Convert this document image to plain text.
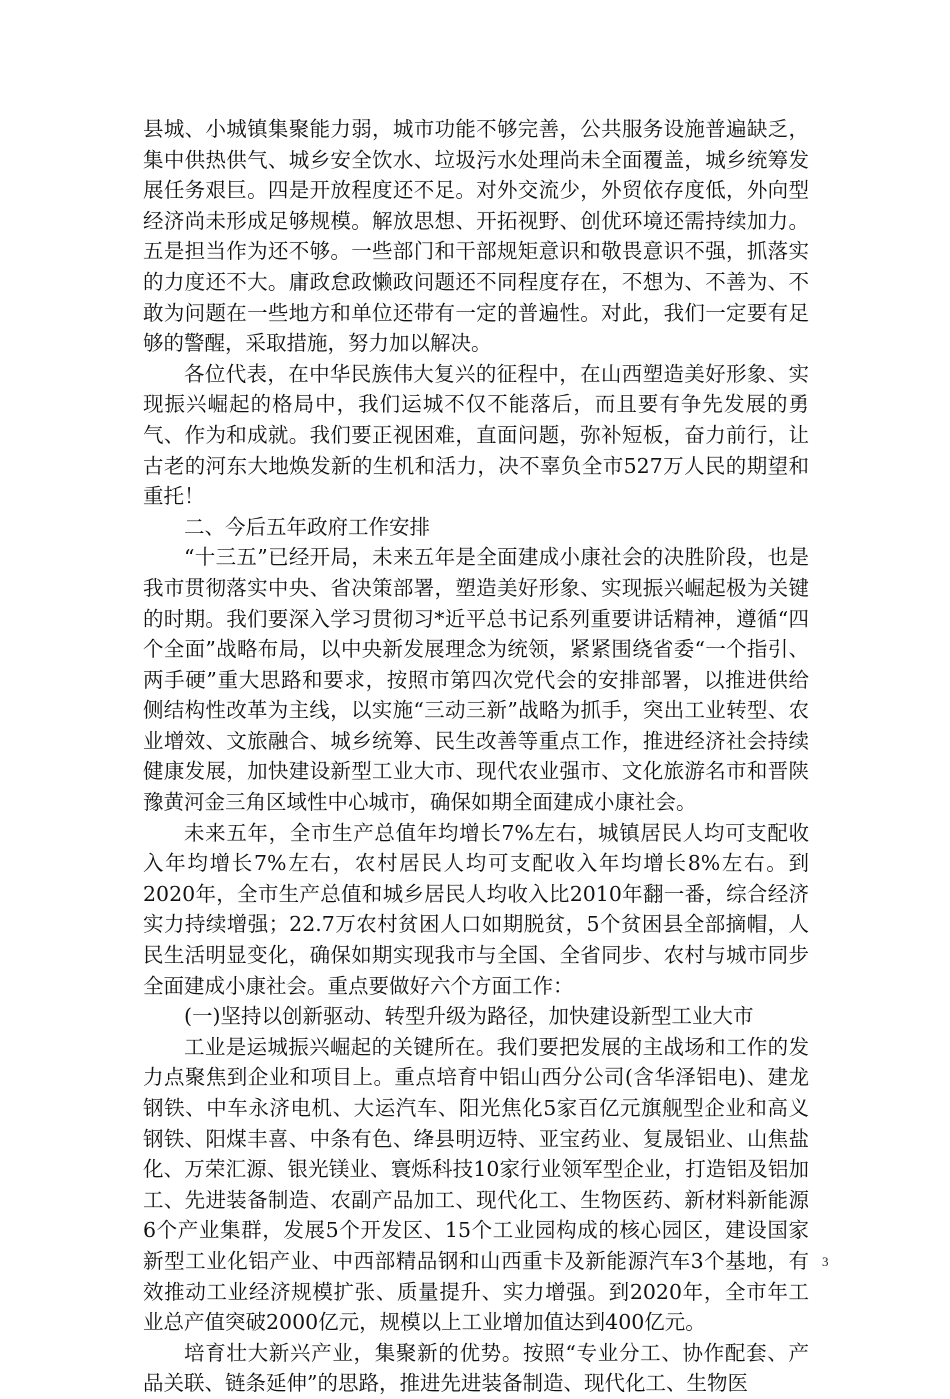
县城、小城镇集聚能力弱，城市功能不够完善，公共服务设施普遍缺乏，集中供热供气、城乡安全饮水、垃圾污水处理尚未全面覆盖，城乡统筹发展任务艰巨。四是开放程度还不足。对外交流少，外贸依存度低，外向型经济尚未形成足够规模。解放思想、开拓视野、创优环境还需持续加力。五是担当作为还不够。一些部门和干部规矩意识和敬畏意识不强，抓落实的力度还不大。庸政怠政懒政问题还不同程度存在，不想为、不善为、不敢为问题在一些地方和单位还带有一定的普遍性。对此，我们一定要有足够的警醒，采取措施，努力加以解决。

各位代表，在中华民族伟大复兴的征程中，在山西塑造美好形象、实现振兴崛起的格局中，我们运城不仅不能落后，而且要有争先发展的勇气、作为和成就。我们要正视困难，直面问题，弥补短板，奋力前行，让古老的河东大地焕发新的生机和活力，决不辜负全市527万人民的期望和重托！

二、今后五年政府工作安排

“十三五”已经开局，未来五年是全面建成小康社会的决胜阶段，也是我市贯彻落实中央、省决策部署，塑造美好形象、实现振兴崛起极为关键的时期。我们要深入学习贯彻习*近平总书记系列重要讲话精神，遵循“四个全面”战略布局，以中央新发展理念为统领，紧紧围绕省委“一个指引、两手硬”重大思路和要求，按照市第四次党代会的安排部署，以推进供给侧结构性改革为主线，以实施“三动三新”战略为抓手，突出工业转型、农业增效、文旅融合、城乡统筹、民生改善等重点工作，推进经济社会持续健康发展，加快建设新型工业大市、现代农业强市、文化旅游名市和晋陕豫黄河金三角区域性中心城市，确保如期全面建成小康社会。

未来五年，全市生产总值年均增长7%左右，城镇居民人均可支配收入年均增长7%左右，农村居民人均可支配收入年均增长8%左右。到2020年，全市生产总值和城乡居民人均收入比2010年翻一番，综合经济实力持续增强；22.7万农村贫困人口如期脱贫，5个贫困县全部摘帽，人民生活明显变化，确保如期实现我市与全国、全省同步、农村与城市同步全面建成小康社会。重点要做好六个方面工作：

(一)坚持以创新驱动、转型升级为路径，加快建设新型工业大市

工业是运城振兴崛起的关键所在。我们要把发展的主战场和工作的发力点聚焦到企业和项目上。重点培育中铝山西分公司(含华泽铝电)、建龙钢铁、中车永济电机、大运汽车、阳光焦化5家百亿元旗舰型企业和高义钢铁、阳煤丰喜、中条有色、绛县明迈特、亚宝药业、复晟铝业、山焦盐化、万荣汇源、银光镁业、寰烁科技10家行业领军型企业，打造铝及铝加工、先进装备制造、农副产品加工、现代化工、生物医药、新材料新能源6个产业集群，发展5个开发区、15个工业园构成的核心园区，建设国家新型工业化铝产业、中西部精品钢和山西重卡及新能源汽车3个基地，有效推动工业经济规模扩张、质量提升、实力增强。到2020年，全市年工业总产值突破2000亿元，规模以上工业增加值达到400亿元。

培育壮大新兴产业，集聚新的优势。按照“专业分工、协作配套、产品关联、链条延伸”的思路，推进先进装备制造、现代化工、生物医

3
